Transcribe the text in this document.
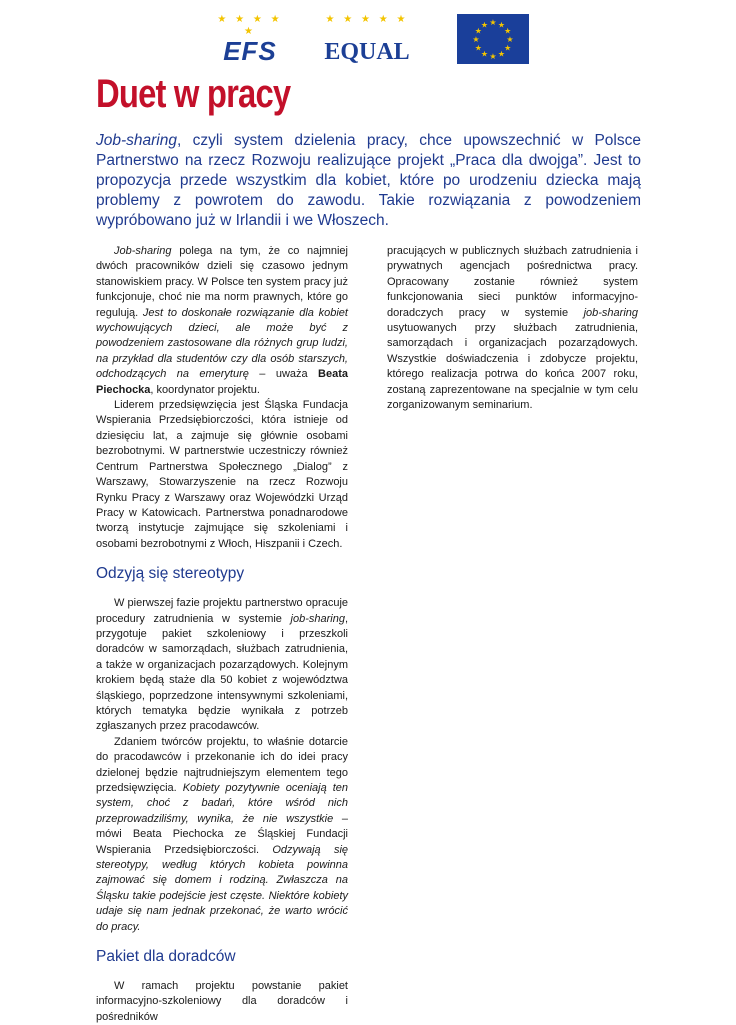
★ ★ ★ ★ ★
EFS
★ ★ ★ ★ ★
EQUAL
★ ★
★
★
★
★
★
★
★
★
★
★
Duet w pracy

Job-sharing, czyli system dzielenia pracy, chce upowszechnić w Polsce Partnerstwo na rzecz Rozwoju realizujące projekt „Praca dla dwojga”. Jest to propozycja przede wszystkim dla kobiet, które po urodzeniu dziecka mają problemy z powrotem do zawodu. Takie rozwiązania z powodzeniem wypróbowano już w Irlandii i we Włoszech.

Job-sharing polega na tym, że co najmniej dwóch pracowników dzieli się czasowo jednym stanowiskiem pracy. W Polsce ten system pracy już funkcjonuje, choć nie ma norm prawnych, które go regulują. Jest to doskonałe rozwiązanie dla kobiet wychowujących dzieci, ale może być z powodzeniem zastosowane dla różnych grup ludzi, na przykład dla studentów czy dla osób starszych, odchodzących na emeryturę – uważa Beata Piechocka, koordynator projektu.

Liderem przedsięwzięcia jest Śląska Fundacja Wspierania Przedsiębiorczości, która istnieje od dziesięciu lat, a zajmuje się głównie osobami bezrobotnymi. W partnerstwie uczestniczy również Centrum Partnerstwa Społecznego „Dialog” z Warszawy, Stowarzyszenie na rzecz Rozwoju Rynku Pracy z Warszawy oraz Wojewódzki Urząd Pracy w Katowicach. Partnerstwa ponadnarodowe tworzą instytucje zajmujące się szkoleniami i osobami bezrobotnymi z Włoch, Hiszpanii i Czech.

Odzyją się stereotypy

W pierwszej fazie projektu partnerstwo opracuje procedury zatrudnienia w systemie job-sharing, przygotuje pakiet szkoleniowy i przeszkoli doradców w samorządach, służbach zatrudnienia, a także w organizacjach pozarządowych. Kolejnym krokiem będą staże dla 50 kobiet z województwa śląskiego, poprzedzone intensywnymi szkoleniami, których tematyka będzie wynikała z potrzeb zgłaszanych przez pracodawców.

Zdaniem twórców projektu, to właśnie dotarcie do pracodawców i przekonanie ich do idei pracy dzielonej będzie najtrudniejszym elementem tego przedsięwzięcia. Kobiety pozytywnie oceniają ten system, choć z badań, które wśród nich przeprowadziliśmy, wynika, że nie wszystkie – mówi Beata Piechocka ze Śląskiej Fundacji Wspierania Przedsiębiorczości. Odzywają się stereotypy, według których kobieta powinna zajmować się domem i rodziną. Zwłaszcza na Śląsku takie podejście jest częste. Niektóre kobiety udaje się nam jednak przekonać, że warto wrócić do pracy.

Pakiet dla doradców

W ramach projektu powstanie pakiet informacyjno-szkoleniowy dla doradców i pośredników

pracujących w publicznych służbach zatrudnienia i prywatnych agencjach pośrednictwa pracy. Opracowany zostanie również system funkcjonowania sieci punktów informacyjno-doradczych pracy w systemie job-sharing usytuowanych przy służbach zatrudnienia, samorządach i organizacjach pozarządowych. Wszystkie doświadczenia i zdobycze projektu, którego realizacja potrwa do końca 2007 roku, zostaną zaprezentowane na specjalnie w tym celu zorganizowanym seminarium.
